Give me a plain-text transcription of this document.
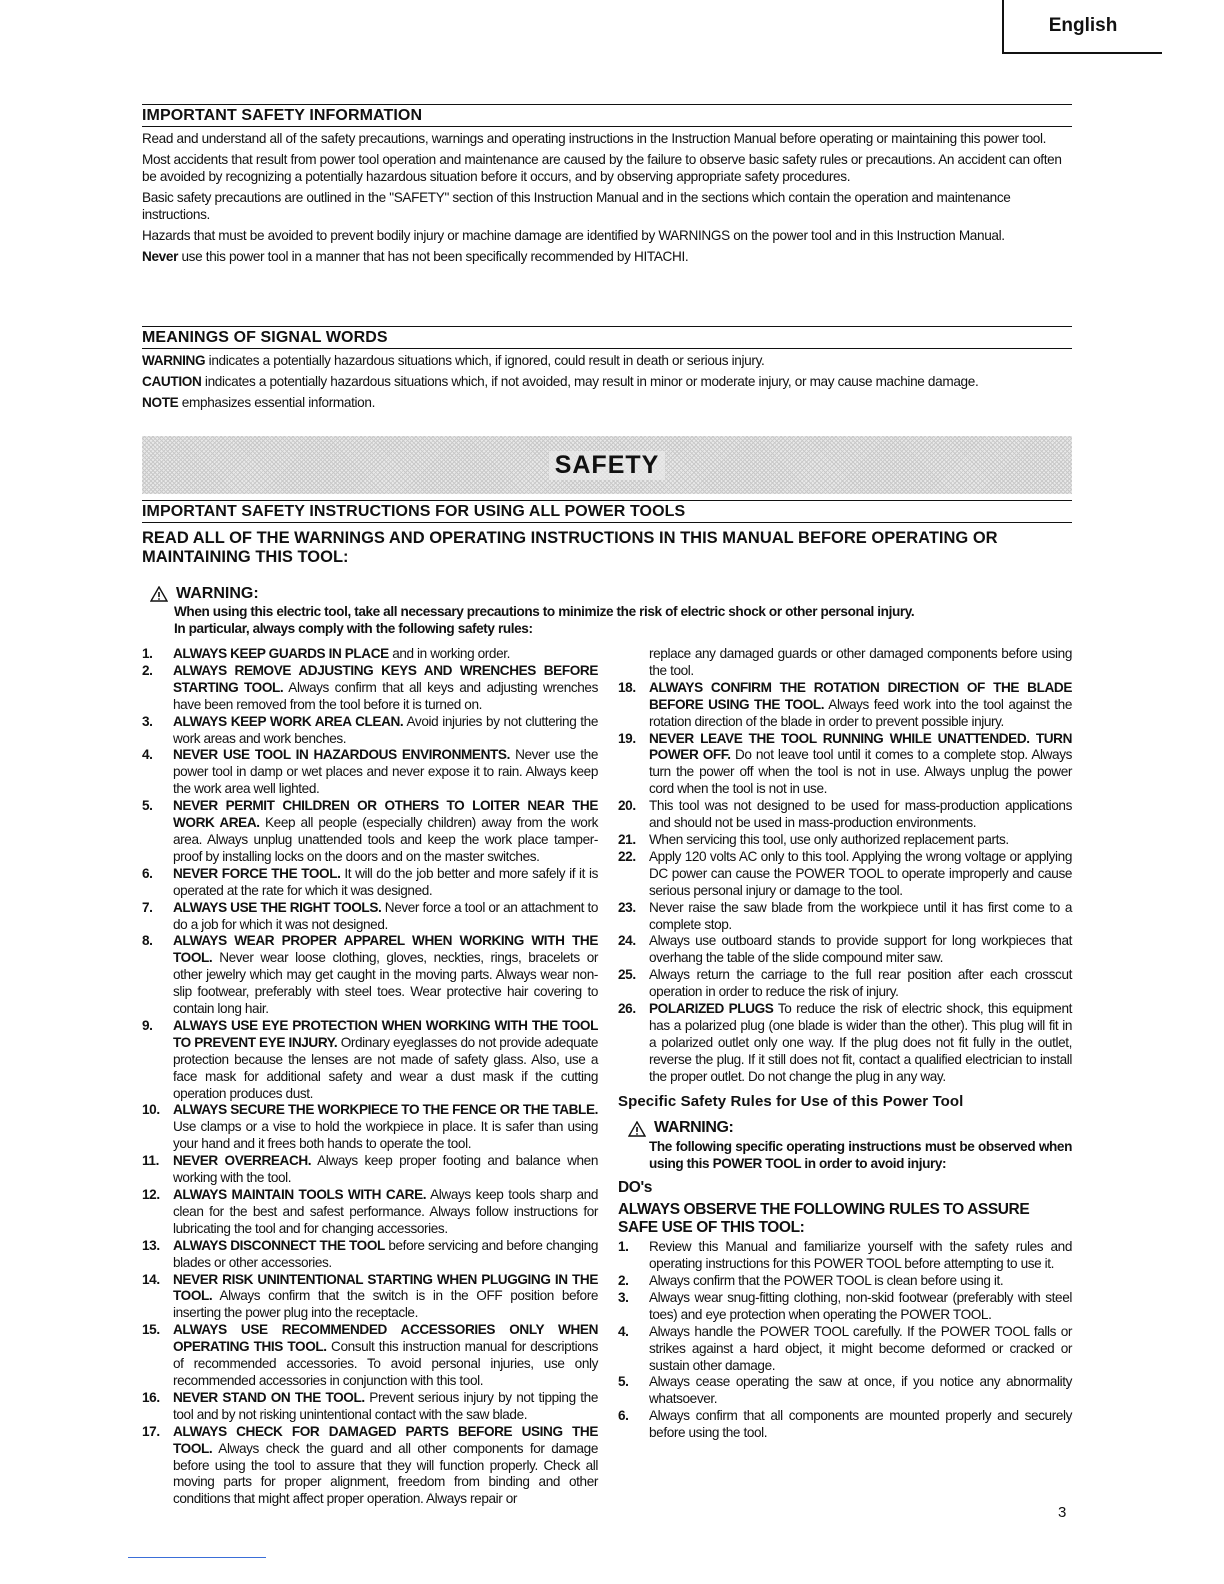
English
IMPORTANT SAFETY INFORMATION

Read and understand all of the safety precautions, warnings and operating instructions in the Instruction Manual before operating or maintaining this power tool.

Most accidents that result from power tool operation and maintenance are caused by the failure to observe basic safety rules or precautions. An accident can often be avoided by recognizing a potentially hazardous situation before it occurs, and by observing appropriate safety procedures.

Basic safety precautions are outlined in the "SAFETY" section of this Instruction Manual and in the sections which contain the operation and maintenance instructions.

Hazards that must be avoided to prevent bodily injury or machine damage are identified by WARNINGS on the power tool and in this Instruction Manual.

Never use this power tool in a manner that has not been specifically recommended by HITACHI.

MEANINGS OF SIGNAL WORDS

WARNING indicates a potentially hazardous situations which, if ignored, could result in death or serious injury.

CAUTION indicates a potentially hazardous situations which, if not avoided, may result in minor or moderate injury, or may cause machine damage.

NOTE emphasizes essential information.

SAFETY
IMPORTANT SAFETY INSTRUCTIONS FOR USING ALL POWER TOOLS
READ ALL OF THE WARNINGS AND OPERATING INSTRUCTIONS IN THIS MANUAL BEFORE OPERATING OR MAINTAINING THIS TOOL:
WARNING:
When using this electric tool, take all necessary precautions to minimize the risk of electric shock or other personal injury.
In particular, always comply with the following safety rules:
1.	ALWAYS KEEP GUARDS IN PLACE and in working order.
2.	ALWAYS REMOVE ADJUSTING KEYS AND WRENCHES BEFORE STARTING TOOL. Always confirm that all keys and adjusting wrenches have been removed from the tool before it is turned on.
3.	ALWAYS KEEP WORK AREA CLEAN. Avoid injuries by not cluttering the work areas and work benches.
4.	NEVER USE TOOL IN HAZARDOUS ENVIRONMENTS. Never use the power tool in damp or wet places and never expose it to rain. Always keep the work area well lighted.
5.	NEVER PERMIT CHILDREN OR OTHERS TO LOITER NEAR THE WORK AREA. Keep all people (especially children) away from the work area. Always unplug unattended tools and keep the work place tamper-proof by installing locks on the doors and on the master switches.
6.	NEVER FORCE THE TOOL. It will do the job better and more safely if it is operated at the rate for which it was designed.
7.	ALWAYS USE THE RIGHT TOOLS. Never force a tool or an attachment to do a job for which it was not designed.
8.	ALWAYS WEAR PROPER APPAREL WHEN WORKING WITH THE TOOL. Never wear loose clothing, gloves, neckties, rings, bracelets or other jewelry which may get caught in the moving parts. Always wear non-slip footwear, preferably with steel toes. Wear protective hair covering to contain long hair.
9.	ALWAYS USE EYE PROTECTION WHEN WORKING WITH THE TOOL TO PREVENT EYE INJURY. Ordinary eyeglasses do not provide adequate protection because the lenses are not made of safety glass. Also, use a face mask for additional safety and wear a dust mask if the cutting operation produces dust.
10. ALWAYS SECURE THE WORKPIECE TO THE FENCE OR THE TABLE. Use clamps or a vise to hold the workpiece in place. It is safer than using your hand and it frees both hands to operate the tool.
11.	NEVER OVERREACH. Always keep proper footing and balance when working with the tool.
12. ALWAYS MAINTAIN TOOLS WITH CARE. Always keep tools sharp and clean for the best and safest performance. Always follow instructions for lubricating the tool and for changing accessories.
13. ALWAYS DISCONNECT THE TOOL before servicing and before changing blades or other accessories.
14. NEVER RISK UNINTENTIONAL STARTING WHEN PLUGGING IN THE TOOL. Always confirm that the switch is in the OFF position before inserting the power plug into the receptacle.
15. ALWAYS USE RECOMMENDED ACCESSORIES ONLY WHEN OPERATING THIS TOOL. Consult this instruction manual for descriptions of recommended accessories. To avoid personal injuries, use only recommended accessories in conjunction with this tool.
16. NEVER STAND ON THE TOOL. Prevent serious injury by not tipping the tool and by not risking unintentional contact with the saw blade.
17. ALWAYS CHECK FOR DAMAGED PARTS BEFORE USING THE TOOL. Always check the guard and all other components for damage before using the tool to assure that they will function properly. Check all moving parts for proper alignment, freedom from binding and other conditions that might affect proper operation. Always repair or
replace any damaged guards or other damaged components before using the tool.
18. ALWAYS CONFIRM THE ROTATION DIRECTION OF THE BLADE BEFORE USING THE TOOL. Always feed work into the tool against the rotation direction of the blade in order to prevent possible injury.
19. NEVER LEAVE THE TOOL RUNNING WHILE UNATTENDED. TURN POWER OFF. Do not leave tool until it comes to a complete stop. Always turn the power off when the tool is not in use. Always unplug the power cord when the tool is not in use.
20. This tool was not designed to be used for mass-production applications and should not be used in mass-production environments.
21. When servicing this tool, use only authorized replacement parts.
22. Apply 120 volts AC only to this tool. Applying the wrong voltage or applying DC power can cause the POWER TOOL to operate improperly and cause serious personal injury or damage to the tool.
23. Never raise the saw blade from the workpiece until it has first come to a complete stop.
24. Always use outboard stands to provide support for long workpieces that overhang the table of the slide compound miter saw.
25. Always return the carriage to the full rear position after each crosscut operation in order to reduce the risk of injury.
26. POLARIZED PLUGS To reduce the risk of electric shock, this equipment has a polarized plug (one blade is wider than the other). This plug will fit in a polarized outlet only one way. If the plug does not fit fully in the outlet, reverse the plug. If it still does not fit, contact a qualified electrician to install the proper outlet. Do not change the plug in any way.
Specific Safety Rules for Use of this Power Tool
WARNING:
The following specific operating instructions must be observed when using this POWER TOOL in order to avoid injury:
DO's
ALWAYS OBSERVE THE FOLLOWING RULES TO ASSURE SAFE USE OF THIS TOOL:
1.	Review this Manual and familiarize yourself with the safety rules and operating instructions for this POWER TOOL before attempting to use it.
2.	Always confirm that the POWER TOOL is clean before using it.
3.	Always wear snug-fitting clothing, non-skid footwear (preferably with steel toes) and eye protection when operating the POWER TOOL.
4.	Always handle the POWER TOOL carefully. If the POWER TOOL falls or strikes against a hard object, it might become deformed or cracked or sustain other damage.
5.	Always cease operating the saw at once, if you notice any abnormality whatsoever.
6.	Always confirm that all components are mounted properly and securely before using the tool.
3
